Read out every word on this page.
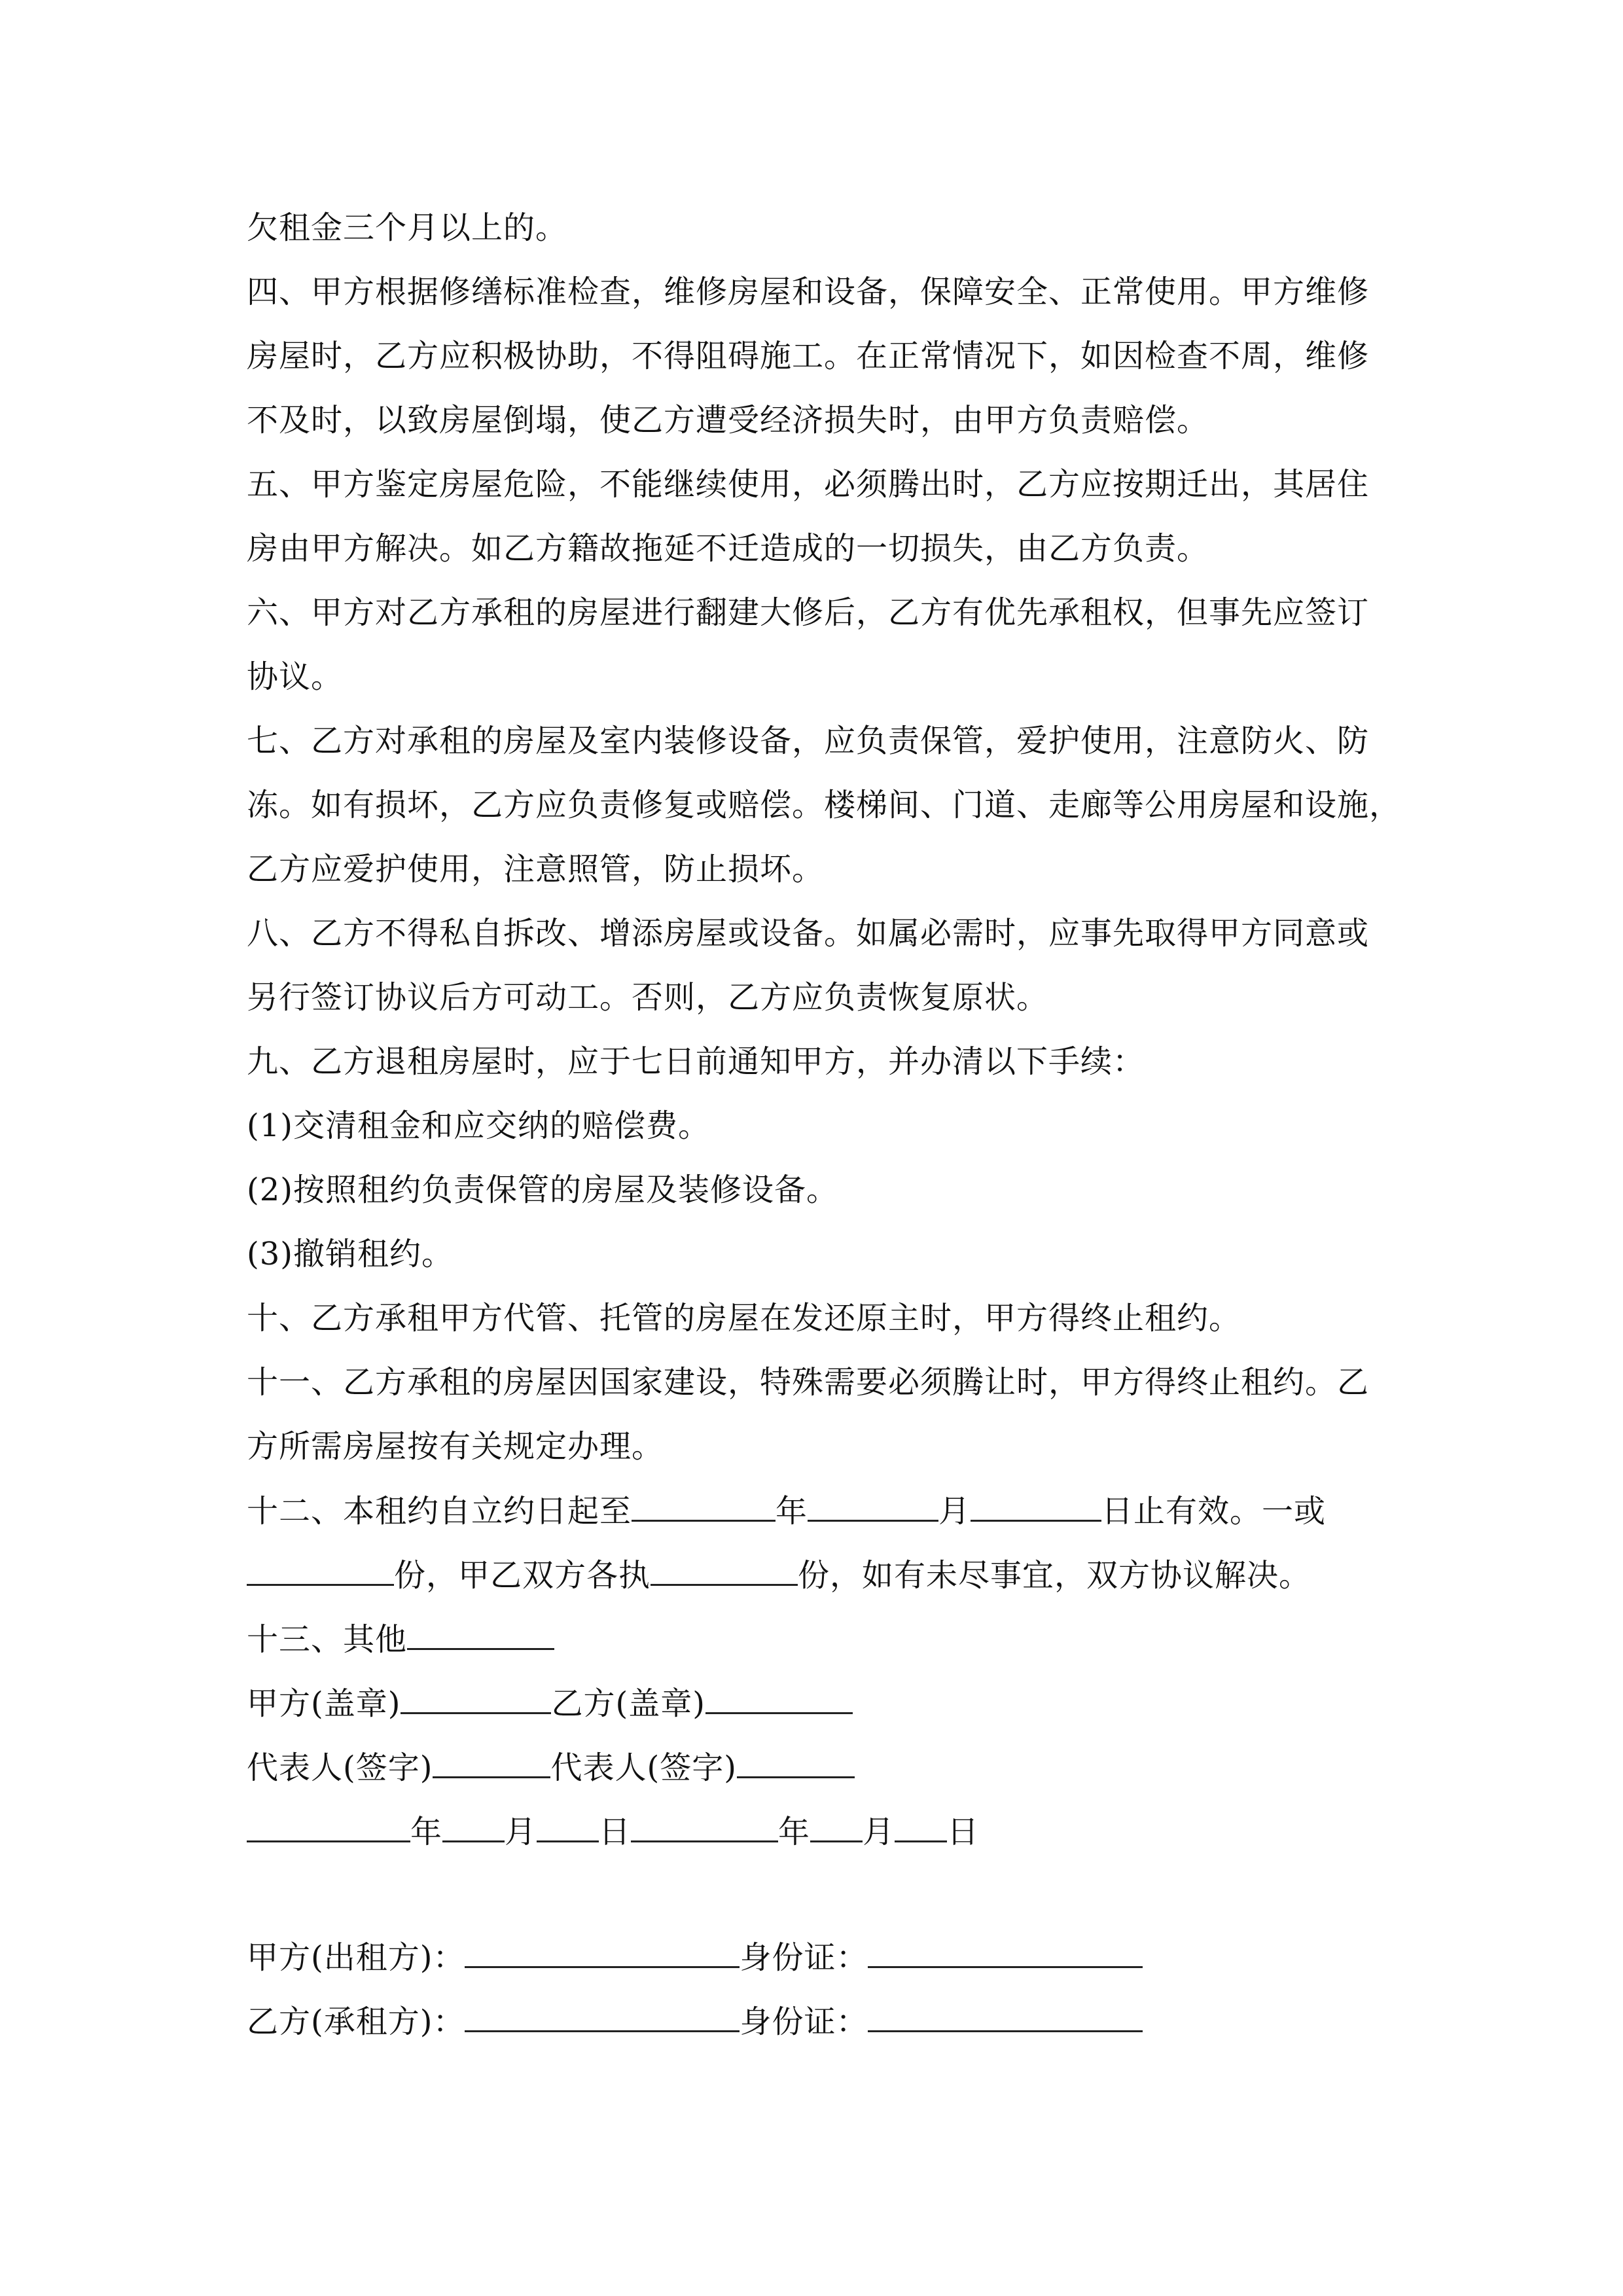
欠租金三个月以上的。
四、甲方根据修缮标准检查，维修房屋和设备，保障安全、正常使用。甲方维修
房屋时，乙方应积极协助，不得阻碍施工。在正常情况下，如因检查不周，维修
不及时，以致房屋倒塌，使乙方遭受经济损失时，由甲方负责赔偿。
五、甲方鉴定房屋危险，不能继续使用，必须腾出时，乙方应按期迁出，其居住
房由甲方解决。如乙方籍故拖延不迁造成的一切损失，由乙方负责。
六、甲方对乙方承租的房屋进行翻建大修后，乙方有优先承租权，但事先应签订
协议。
七、乙方对承租的房屋及室内装修设备，应负责保管，爱护使用，注意防火、防
冻。如有损坏，乙方应负责修复或赔偿。楼梯间、门道、走廊等公用房屋和设施，
乙方应爱护使用，注意照管，防止损坏。
八、乙方不得私自拆改、增添房屋或设备。如属必需时，应事先取得甲方同意或
另行签订协议后方可动工。否则，乙方应负责恢复原状。
九、乙方退租房屋时，应于七日前通知甲方，并办清以下手续：
(1)交清租金和应交纳的赔偿费。
(2)按照租约负责保管的房屋及装修设备。
(3)撤销租约。
十、乙方承租甲方代管、托管的房屋在发还原主时，甲方得终止租约。
十一、乙方承租的房屋因国家建设，特殊需要必须腾让时，甲方得终止租约。乙
方所需房屋按有关规定办理。
十二、本租约自立约日起至	年	月	日止有效。一或
份，甲乙双方各执	份，如有未尽事宜，双方协议解决。
十三、其他
甲方(盖章)	乙方(盖章)
代表人(签字)	代表人(签字)
年 月 日	年 月 日
甲方(出租方)：	身份证：
乙方(承租方)：	身份证：
